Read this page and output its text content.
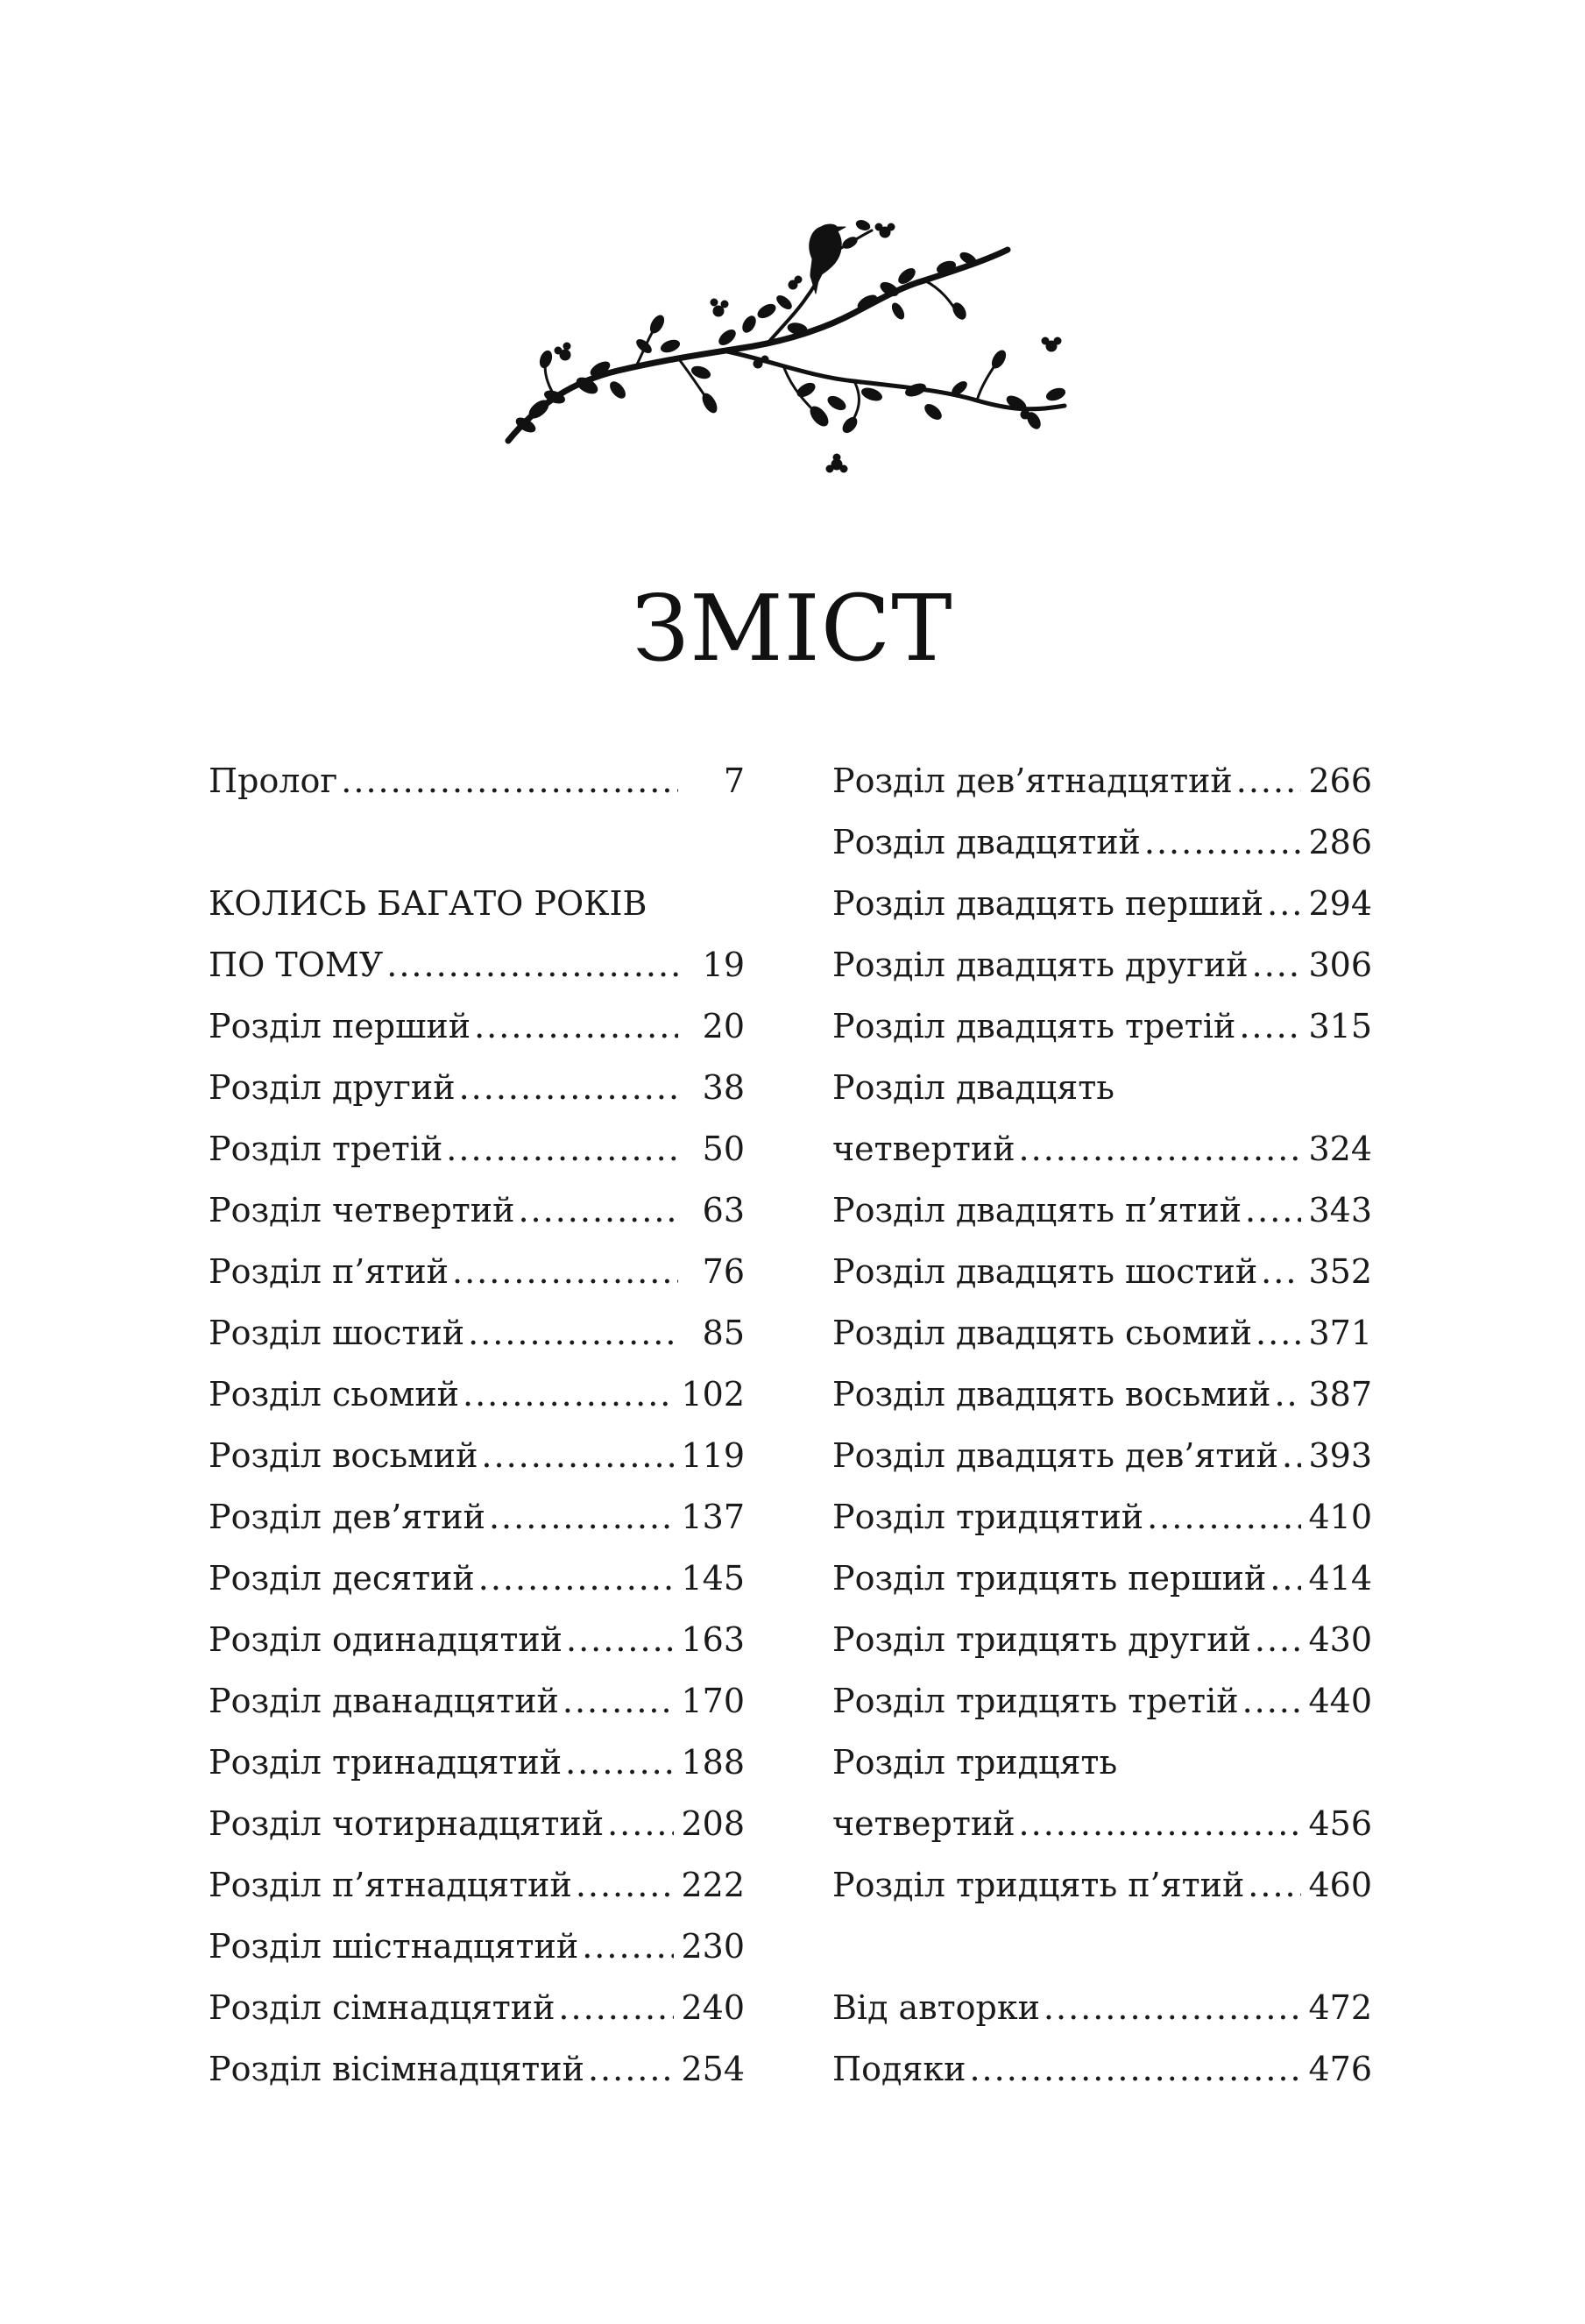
ЗМІСТ
Пролог .....	7
КОЛИСЬ БАГАТО РОКІВ
ПО ТОМУ .....	19
Розділ перший .....	20
Розділ другий .....	38
Розділ третій .....	50
Розділ четвертий .....	63
Розділ п’ятий .....	76
Розділ шостий .....	85
Розділ сьомий .....	102
Розділ восьмий .....	119
Розділ дев’ятий .....	137
Розділ десятий .....	145
Розділ одинадцятий .....	163
Розділ дванадцятий .....	170
Розділ тринадцятий .....	188
Розділ чотирнадцятий ..... 208
Розділ п’ятнадцятий .....	222
Розділ шістнадцятий .....	230
Розділ сімнадцятий .....	240
Розділ вісімнадцятий .....	254
Розділ дев’ятнадцятий ..... 266
Розділ двадцятий .....	286
Розділ двадцять перший ..... 294
Розділ двадцять другий ..... 306
Розділ двадцять третій ..... 315
Розділ двадцять
четвертий .....	324
Розділ двадцять п’ятий ..... 343
Розділ двадцять шостий ..... 352
Розділ двадцять сьомий ..... 371
Розділ двадцять восьмий ..... 387
Розділ двадцять дев’ятий ..... 393
Розділ тридцятий .....	410
Розділ тридцять перший ..... 414
Розділ тридцять другий ..... 430
Розділ тридцять третій ..... 440
Розділ тридцять
четвертий .....	456
Розділ тридцять п’ятий ..... 460
Від авторки .....	472
Подяки .....	476
